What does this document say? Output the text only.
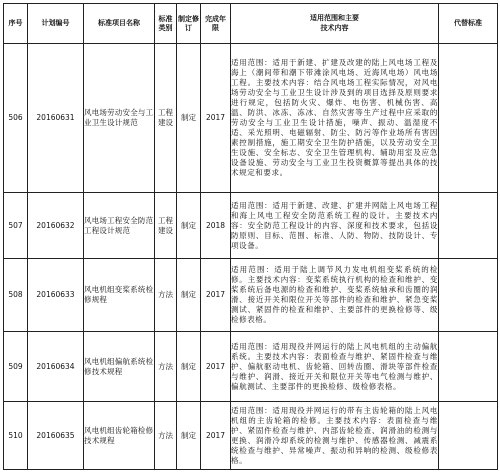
序号	计划编号	标准项目名称	标准类别	制定修订	完成年限	适用范围和主要
技术内容	代替标准
506	20160631	风电场劳动安全与工业卫生设计规范	工程建设	制定	2017	适用范围：适用于新建、扩建及改建的陆上风电场工程及海上（潮间带和潮下带滩涂风电场、近海风电场）风电场工程。主要技术内容：结合风电场工程实际情况，对风电场劳动安全与工业卫生设计涉及到的项目选择及原则要求进行规定，包括防火灾、爆炸、电伤害、机械伤害、高温、防洪、冰冻、冻冰、自然灾害等生产过程中应采取的劳动安全与工业卫生设计措施，噪声、振动、温湿度不适、采光照明、电磁辐射、防尘、防污等作业场所有害因素控制措施，施工期安全卫生防护措施，以及劳动安全卫生设施、安全标志、安全卫生管理机构、辅助用室及应急设备设施、劳动安全与工业卫生投资概算等提出具体的技术规定和要求。	
507	20160632	风电场工程安全防范工程设计规范	工程建设	制定	2018	适用范围：适用于新建、改建、扩建并网陆上风电场工程和海上风电工程安全防范系统工程的设计。主要技术内容：安全防范工程设计的内容、深度和技术要求，包括设防原则、目标、范围、标准、人防、物防、技防设计、专项设备。	
508	20160633	风电机组变桨系统检修规程	方法	制定	2017	适用范围：适用于陆上调节风力发电机组变桨系统的检修。主要技术内容：变桨系统执行机构的检查和维护、变桨系统后备电源的检查和维护、变桨系统轴承和齿圈的润滑、接近开关和限位开关等部件的检查和维护、紧急变桨测试、紧固件的检查和维护、主要部件的更换检修等、级检修表格。	
509	20160634	风电机组偏航系统检修技术规程	方法	制定	2017	适用范围：适用现役并网运行的陆上风电机组的主动偏航系统。主要技术内容：表面检查与维护、紧固件检查与维护、偏航驱动电机、齿轮箱、回转齿圈、滑块等部件检查与维护、润滑、接近开关和限位开关等电气检测与维护、偏航测试、主要部件的更换检修、级检修表格。	
510	20160635	风电机组齿轮箱检修技术规程	方法	制定	2017	适用范围：适用现役并网运行的带有主齿轮箱的陆上风电机组的主齿轮箱的检修。主要技术内容：表面检查与维护、紧固件检查与维护、内部齿轮检查、润滑油的检测与更换、润滑冷却系统的检测与维护、传感器检测、减震系统检查与维护、异常噪声、振动和异响的检测、级检修表格。	
